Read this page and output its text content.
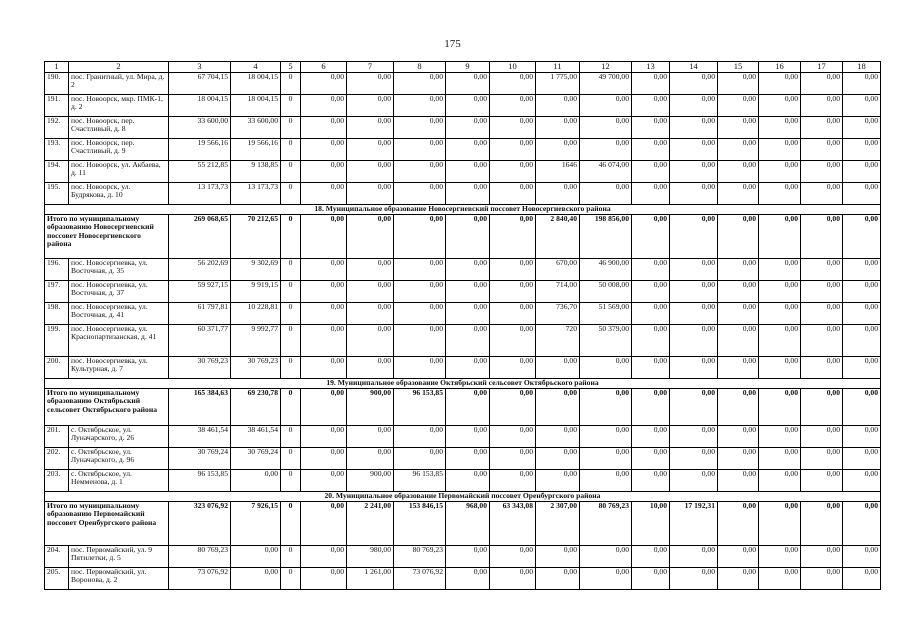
175
1	2	3	4	5	6	7	8	9	10	11	12	13	14	15	16	17	18
190.	пос. Гранитный, ул. Мира, д. 2	67 704,15	18 004,15	0	0,00	0,00	0,00	0,00	0,00	1 775,00	49 700,00	0,00	0,00	0,00	0,00	0,00	0,00
191.	пос. Новоорск, мкр. ПМК-1, д. 2	18 004,15	18 004,15	0	0,00	0,00	0,00	0,00	0,00	0,00	0,00	0,00	0,00	0,00	0,00	0,00	0,00
192.	пос. Новоорск, пер. Счастливый, д. 8	33 600,00	33 600,00	0	0,00	0,00	0,00	0,00	0,00	0,00	0,00	0,00	0,00	0,00	0,00	0,00	0,00
193.	пос. Новоорск, пер. Счастливый, д. 9	19 566,16	19 566,16	0	0,00	0,00	0,00	0,00	0,00	0,00	0,00	0,00	0,00	0,00	0,00	0,00	0,00
194.	пос. Новоорск, ул. Акбаева, д. 11	55 212,85	9 138,85	0	0,00	0,00	0,00	0,00	0,00	1646	46 074,00	0,00	0,00	0,00	0,00	0,00	0,00
195.	пос. Новоорск, ул. Будрякова, д. 10	13 173,73	13 173,73	0	0,00	0,00	0,00	0,00	0,00	0,00	0,00	0,00	0,00	0,00	0,00	0,00	0,00
18. Муниципальное образование Новосергиевский поссовет Новосергиевского района																	
Итого по муниципальному образованию Новосергиевский поссовет Новосергиевского района		269 068,65	70 212,65	0	0,00	0,00	0,00	0,00	0,00	2 840,40	198 856,00	0,00	0,00	0,00	0,00	0,00	0,00
196.	пос. Новосергиевка, ул. Восточная, д. 35	56 202,69	9 302,69	0	0,00	0,00	0,00	0,00	0,00	670,00	46 900,00	0,00	0,00	0,00	0,00	0,00	0,00
197.	пос. Новосергиевка, ул. Восточная, д. 37	59 927,15	9 919,15	0	0,00	0,00	0,00	0,00	0,00	714,00	50 008,00	0,00	0,00	0,00	0,00	0,00	0,00
198.	пос. Новосергиевка, ул. Восточная, д. 41	61 797,81	10 228,81	0	0,00	0,00	0,00	0,00	0,00	736,70	51 569,00	0,00	0,00	0,00	0,00	0,00	0,00
199.	пос. Новосергиевка, ул. Краснопартизанская, д. 41	60 371,77	9 992,77	0	0,00	0,00	0,00	0,00	0,00	720	50 379,00	0,00	0,00	0,00	0,00	0,00	0,00
200.	пос. Новосергиевка, ул. Культурная, д. 7	30 769,23	30 769,23	0	0,00	0,00	0,00	0,00	0,00	0,00	0,00	0,00	0,00	0,00	0,00	0,00	0,00
19. Муниципальное образование Октябрьский сельсовет Октябрьского района																	
Итого по муниципальному образованию Октябрьский сельсовет Октябрьского района		165 384,63	69 230,78	0	0,00	900,00	96 153,85	0,00	0,00	0,00	0,00	0,00	0,00	0,00	0,00	0,00	0,00
201.	с. Октябрьское, ул. Луначарского, д. 26	38 461,54	38 461,54	0	0,00	0,00	0,00	0,00	0,00	0,00	0,00	0,00	0,00	0,00	0,00	0,00	0,00
202.	с. Октябрьское, ул. Луначарского, д. 96	30 769,24	30 769,24	0	0,00	0,00	0,00	0,00	0,00	0,00	0,00	0,00	0,00	0,00	0,00	0,00	0,00
203.	с. Октябрьское, ул. Немменова, д. 1	96 153,85	0,00	0	0,00	900,00	96 153,85	0,00	0,00	0,00	0,00	0,00	0,00	0,00	0,00	0,00	0,00
20. Муниципальное образование Первомайский поссовет Оренбургского района																	
Итого по муниципальному образованию Первомайский поссовет Оренбургского района		323 076,92	7 926,15	0	0,00	2 241,00	153 846,15	968,00	63 343,08	2 307,00	80 769,23	10,00	17 192,31	0,00	0,00	0,00	0,00
204.	пос. Первомайский, ул. 9 Пятилетки, д. 5	80 769,23	0,00	0	0,00	980,00	80 769,23	0,00	0,00	0,00	0,00	0,00	0,00	0,00	0,00	0,00	0,00
205.	пос. Первомайский, ул. Воронова, д. 2	73 076,92	0,00	0	0,00	1 261,00	73 076,92	0,00	0,00	0,00	0,00	0,00	0,00	0,00	0,00	0,00	0,00
